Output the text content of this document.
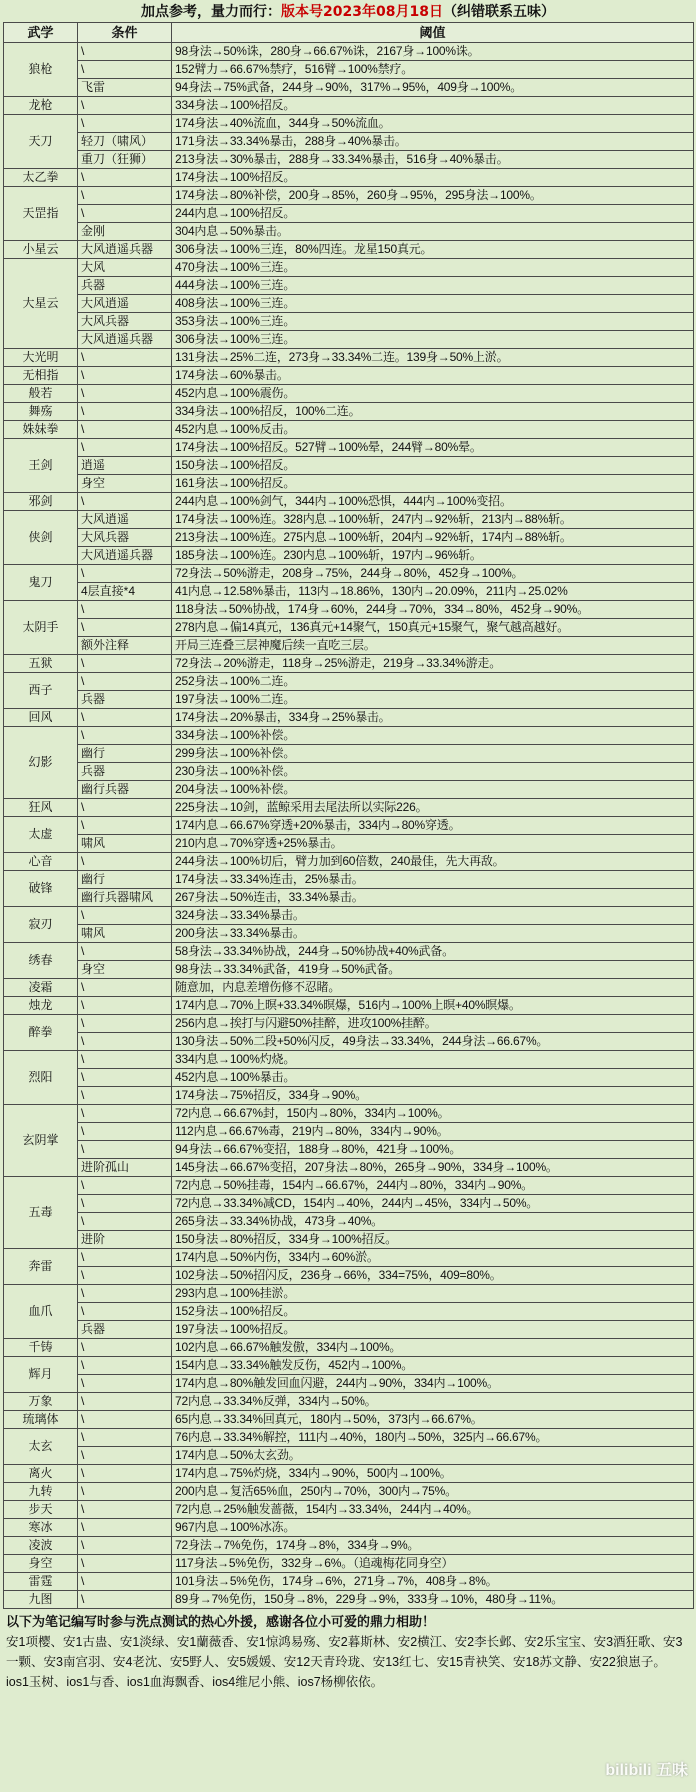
加点参考，量力而行：版本号2023年08月18日（纠错联系五味）
武学	条件	阈值
狼枪	\	98身法→50%诛，280身→66.67%诛，2167身→100%诛。
	\	152臂力→66.67%禁疗，516臂→100%禁疗。
	飞雷	94身法→75%武备，244身→90%，317%→95%，409身→100%。
龙枪	\	334身法→100%招反。
天刀	\	174身法→40%流血，344身→50%流血。
	轻刀（啸风）	171身法→33.34%暴击，288身→40%暴击。
	重刀（狂狮）	213身法→30%暴击，288身→33.34%暴击，516身→40%暴击。
太乙拳	\	174身法→100%招反。
天罡指	\	174身法→80%补偿，200身→85%，260身→95%，295身法→100%。
	\	244内息→100%招反。
	金刚	304内息→50%暴击。
小星云	大风逍遥兵器	306身法→100%三连，80%四连。龙星150真元。
大星云	大风	470身法→100%三连。
	兵器	444身法→100%三连。
	大风逍遥	408身法→100%三连。
	大风兵器	353身法→100%三连。
	大风逍遥兵器	306身法→100%三连。
大光明	\	131身法→25%二连，273身→33.34%二连。139身→50%上淤。
无相指	\	174身法→60%暴击。
般若	\	452内息→100%震伤。
舞殇	\	334身法→100%招反，100%二连。
姝妹拳	\	452内息→100%反击。
王剑	\	174身法→100%招反。527臂→100%晕，244臂→80%晕。
	逍遥	150身法→100%招反。
	身空	161身法→100%招反。
邪剑	\	244内息→100%剑气，344内→100%恐惧，444内→100%变招。
侠剑	大风逍遥	174身法→100%连。328内息→100%斩，247内→92%斩，213内→88%斩。
	大风兵器	213身法→100%连。275内息→100%斩，204内→92%斩，174内→88%斩。
	大风逍遥兵器	185身法→100%连。230内息→100%斩，197内→96%斩。
鬼刀	\	72身法→50%游走，208身→75%，244身→80%，452身→100%。
	4层直接*4	41内息→12.58%暴击，113内→18.86%，130内→20.09%，211内→25.02%
太阴手	\	118身法→50%协战，174身→60%，244身→70%，334→80%，452身→90%。
	\	278内息→偏14真元，136真元+14聚气，150真元+15聚气，聚气越高越好。
	额外注释	开局三连叠三层神魔后续一直吃三层。
五狱	\	72身法→20%游走，118身→25%游走，219身→33.34%游走。
西子	\	252身法→100%二连。
	兵器	197身法→100%二连。
回风	\	174身法→20%暴击，334身→25%暴击。
幻影	\	334身法→100%补偿。
	幽行	299身法→100%补偿。
	兵器	230身法→100%补偿。
	幽行兵器	204身法→100%补偿。
狂风	\	225身法→10剑，蓝鲸采用去尾法所以实际226。
太虚	\	174内息→66.67%穿透+20%暴击，334内→80%穿透。
	啸风	210内息→70%穿透+25%暴击。
心音	\	244身法→100%切后，臂力加到60倍数，240最佳，先大再敌。
破锋	幽行	174身法→33.34%连击，25%暴击。
	幽行兵器啸风	267身法→50%连击，33.34%暴击。
寂刃	\	324身法→33.34%暴击。
	啸风	200身法→33.34%暴击。
绣春	\	58身法→33.34%协战，244身→50%协战+40%武备。
	身空	98身法→33.34%武备，419身→50%武备。
凌霜	\	随意加，内息差增伤修不忍睹。
烛龙	\	174内息→70%上暝+33.34%暝爆，516内→100%上暝+40%暝爆。
醉拳	\	256内息→挨打与闪避50%挂醉，进攻100%挂醉。
	\	130身法→50%二段+50%闪反，49身法→33.34%，244身法→66.67%。
烈阳	\	334内息→100%灼烧。
	\	452内息→100%暴击。
	\	174身法→75%招反，334身→90%。
玄阴掌	\	72内息→66.67%封，150内→80%，334内→100%。
	\	112内息→66.67%毒，219内→80%，334内→90%。
	\	94身法→66.67%变招，188身→80%，421身→100%。
	进阶孤山	145身法→66.67%变招，207身法→80%，265身→90%，334身→100%。
五毒	\	72内息→50%挂毒，154内→66.67%，244内→80%，334内→90%。
	\	72内息→33.34%减CD，154内→40%，244内→45%，334内→50%。
	\	265身法→33.34%协战，473身→40%。
	进阶	150身法→80%招反，334身→100%招反。
奔雷	\	174内息→50%内伤，334内→60%淤。
	\	102身法→50%招闪反，236身→66%，334=75%，409=80%。
血爪	\	293内息→100%挂淤。
	\	152身法→100%招反。
	兵器	197身法→100%招反。
千铸	\	102内息→66.67%触发傲，334内→100%。
辉月	\	154内息→33.34%触发反伤，452内→100%。
	\	174内息→80%触发回血闪避，244内→90%，334内→100%。
万象	\	72内息→33.34%反弹，334内→50%。
琉璃体	\	65内息→33.34%回真元，180内→50%，373内→66.67%。
太玄	\	76内息→33.34%解控，111内→40%，180内→50%，325内→66.67%。
	\	174内息→50%太玄劲。
离火	\	174内息→75%灼烧，334内→90%，500内→100%。
九转	\	200内息→复活65%血，250内→70%，300内→75%。
步天	\	72内息→25%触发蔷薇，154内→33.34%，244内→40%。
寒冰	\	967内息→100%冰冻。
凌波	\	72身法→7%免伤，174身→8%，334身→9%。
身空	\	117身法→5%免伤，332身→6%。（追魂梅花同身空）
雷霆	\	101身法→5%免伤，174身→6%，271身→7%，408身→8%。
九图	\	89身→7%免伤，150身→8%，229身→9%，333身→10%，480身→11%。
以下为笔记编写时参与洗点测试的热心外援，感谢各位小可爱的鼎力相助！
安1项樱、安1古蛊、安1淡绿、安1蘭薇香、安1惊鸿易殇、安2暮斯林、安2横江、安2李长邺、安2乐宝宝、安3酒狂歌、安3一颗、安3南宫羽、安4老沈、安5野人、安5媛媛、安12天青玲珑、安13红七、安15青袂笑、安18苏文静、安22狼崽子。
ios1玉树、ios1与香、ios1血海飘香、ios4维尼小熊、ios7杨柳依依。
bilibili 五味
